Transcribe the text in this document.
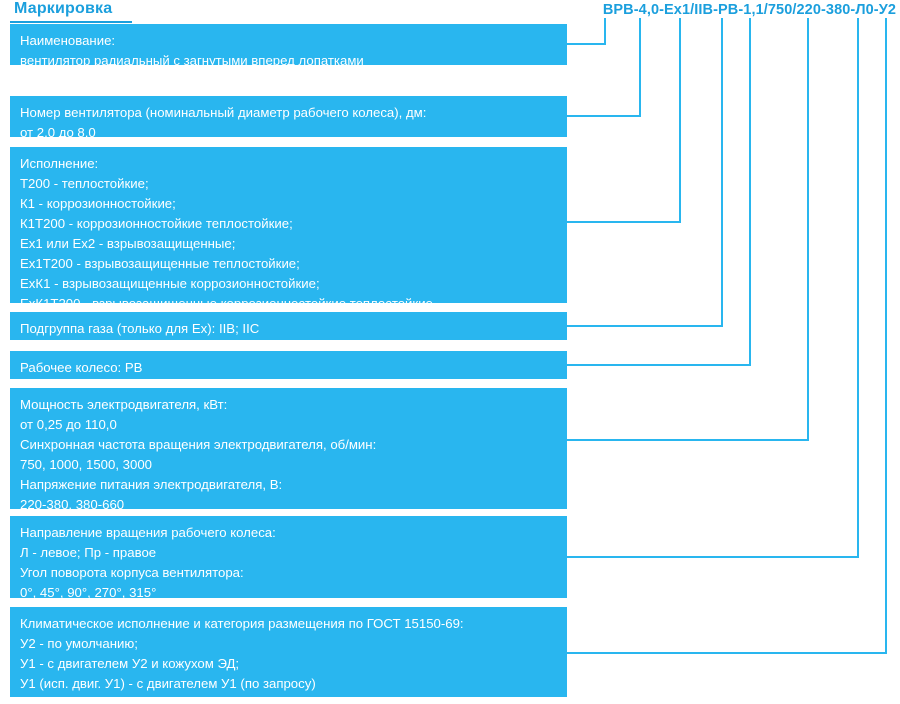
Маркировка	ВРВ-4,0-Ex1/IIB-РВ-1,1/750/220-380-Л0-У2
Наименование:
вентилятор радиальный с загнутыми вперед лопатками
Номер вентилятора (номинальный диаметр рабочего колеса), дм:
от 2,0 до 8,0
Исполнение:
Т200 - теплостойкие;
К1 - коррозионностойкие;
К1Т200 - коррозионностойкие теплостойкие;
Ex1 или Ex2 - взрывозащищенные;
Ex1Т200 - взрывозащищенные теплостойкие;
ExК1 - взрывозащищенные коррозионностойкие;
ExК1Т200 - взрывозащищенные коррозионностойкие теплостойкие
Подгруппа газа (только для Ex): IIB; IIC
Рабочее колесо: РВ
Мощность электродвигателя, кВт:
от 0,25 до 110,0
Синхронная частота вращения электродвигателя, об/мин:
750, 1000, 1500, 3000
Напряжение питания электродвигателя, В:
220-380, 380-660
Направление вращения рабочего колеса:
Л - левое; Пр - правое
Угол поворота корпуса вентилятора:
0°, 45°, 90°, 270°, 315°
Климатическое исполнение и категория размещения по ГОСТ 15150-69:
У2 - по умолчанию;
У1 - с двигателем У2 и кожухом ЭД;
У1 (исп. двиг. У1) - с двигателем У1 (по запросу)
